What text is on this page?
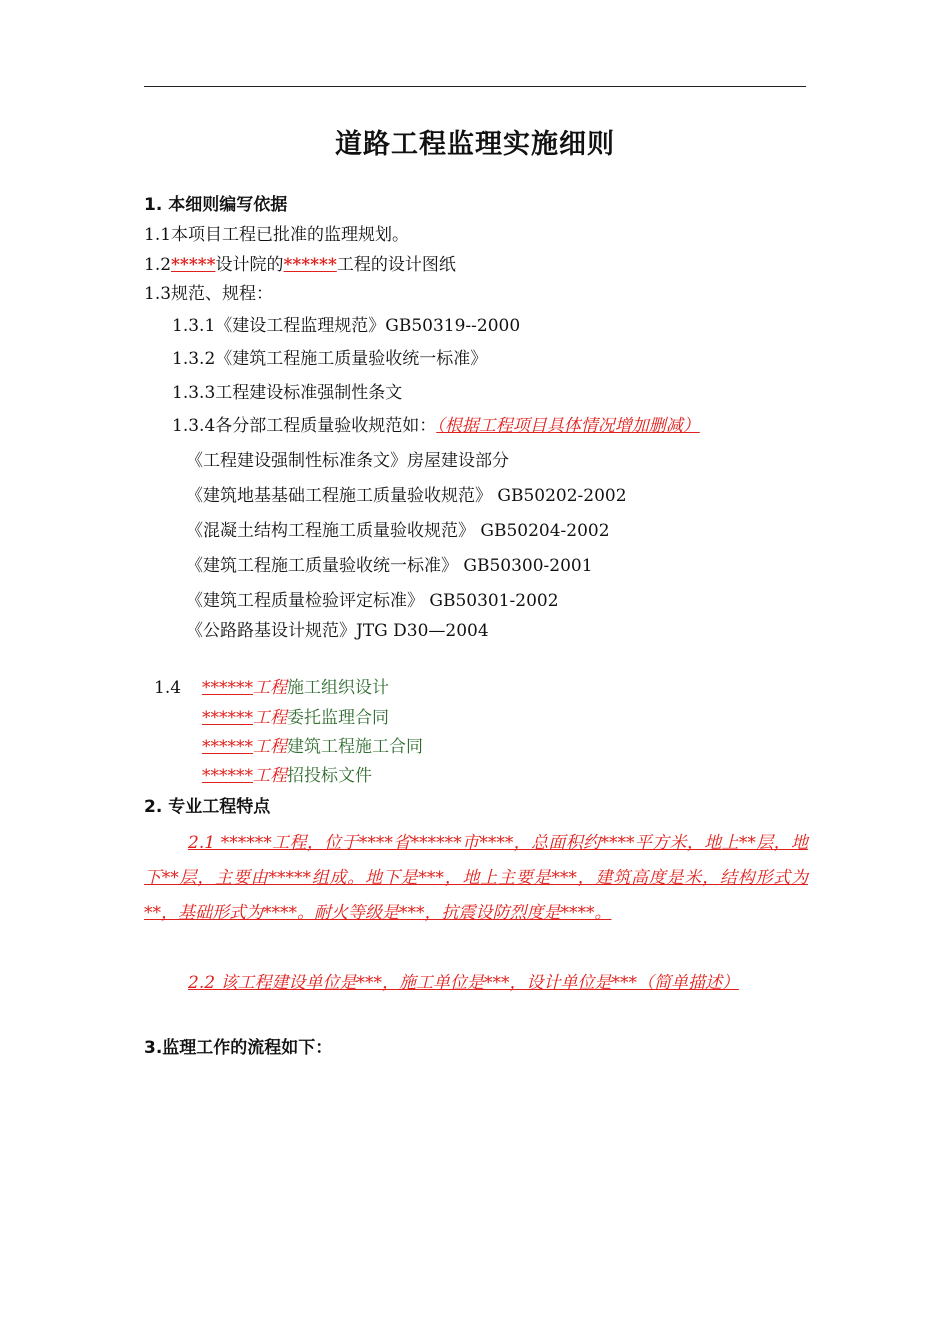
道路工程监理实施细则
1. 本细则编写依据
1.1本项目工程已批准的监理规划。
1.2*****设计院的******工程的设计图纸
1.3规范、规程：
1.3.1《建设工程监理规范》GB50319--2000
1.3.2《建筑工程施工质量验收统一标准》
1.3.3工程建设标准强制性条文
1.3.4各分部工程质量验收规范如：（根据工程项目具体情况增加删减）
《工程建设强制性标准条文》房屋建设部分
《建筑地基基础工程施工质量验收规范》 GB50202-2002
《混凝土结构工程施工质量验收规范》 GB50204-2002
《建筑工程施工质量验收统一标准》 GB50300-2001
《建筑工程质量检验评定标准》 GB50301-2002
《公路路基设计规范》JTG D30—2004
1.4 ******工程施工组织设计
******工程委托监理合同
******工程建筑工程施工合同
******工程招投标文件
2. 专业工程特点
2.1 ******工程，位于****省******市****，总面积约****平方米，地上**层，地下**层，主要由*****组成。地下是***，地上主要是***，建筑高度是米，结构形式为**，基础形式为****。耐火等级是***，抗震设防烈度是****。
2.2 该工程建设单位是***，施工单位是***，设计单位是***（简单描述）
3.监理工作的流程如下：
